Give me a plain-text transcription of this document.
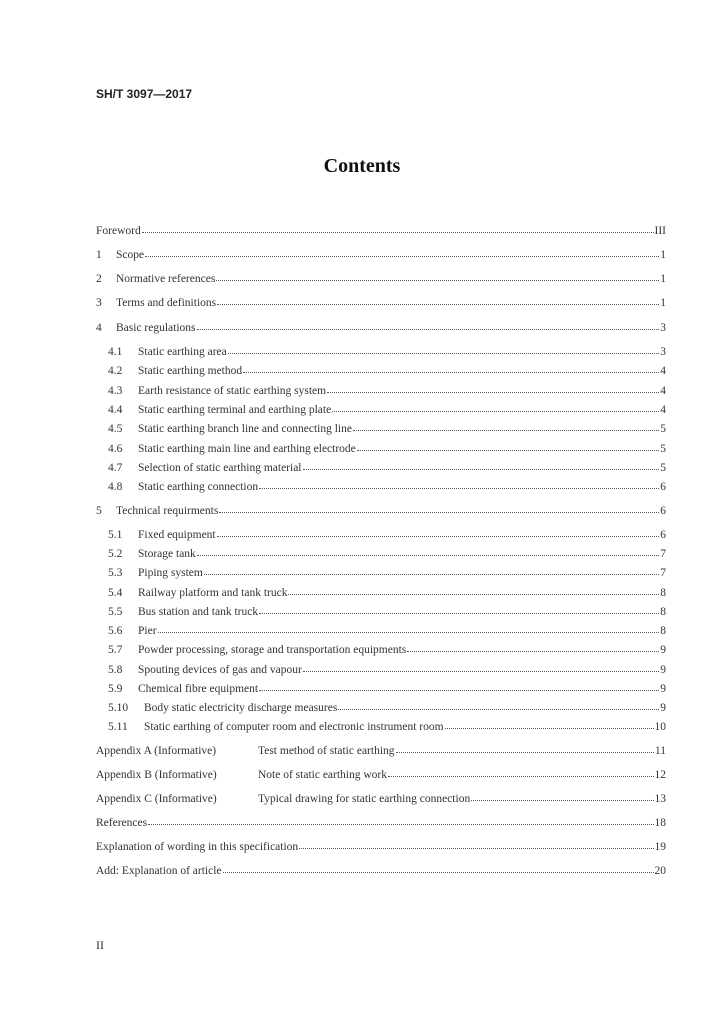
SH/T 3097—2017
Contents
Foreword	III
1	Scope	1
2	Normative references	1
3	Terms and definitions	1
4	Basic regulations	3
4.1	Static earthing area	3
4.2	Static earthing method	4
4.3	Earth resistance of static earthing system	4
4.4	Static earthing terminal and earthing plate	4
4.5	Static earthing branch line and connecting line	5
4.6	Static earthing main line and earthing electrode	5
4.7	Selection of static earthing material	5
4.8	Static earthing connection	6
5	Technical requirments	6
5.1	Fixed equipment	6
5.2	Storage tank	7
5.3	Piping system	7
5.4	Railway platform and tank truck	8
5.5	Bus station and tank truck	8
5.6	Pier	8
5.7	Powder processing, storage and transportation equipments	9
5.8	Spouting devices of gas and vapour	9
5.9	Chemical fibre equipment	9
5.10	Body static electricity discharge measures	9
5.11	Static earthing of computer room and electronic instrument room	10
Appendix A (Informative)	Test method of static earthing	11
Appendix B (Informative)	Note of static earthing work	12
Appendix C (Informative)	Typical drawing for static earthing connection	13
References	18
Explanation of wording in this specification	19
Add: Explanation of article	20
II
